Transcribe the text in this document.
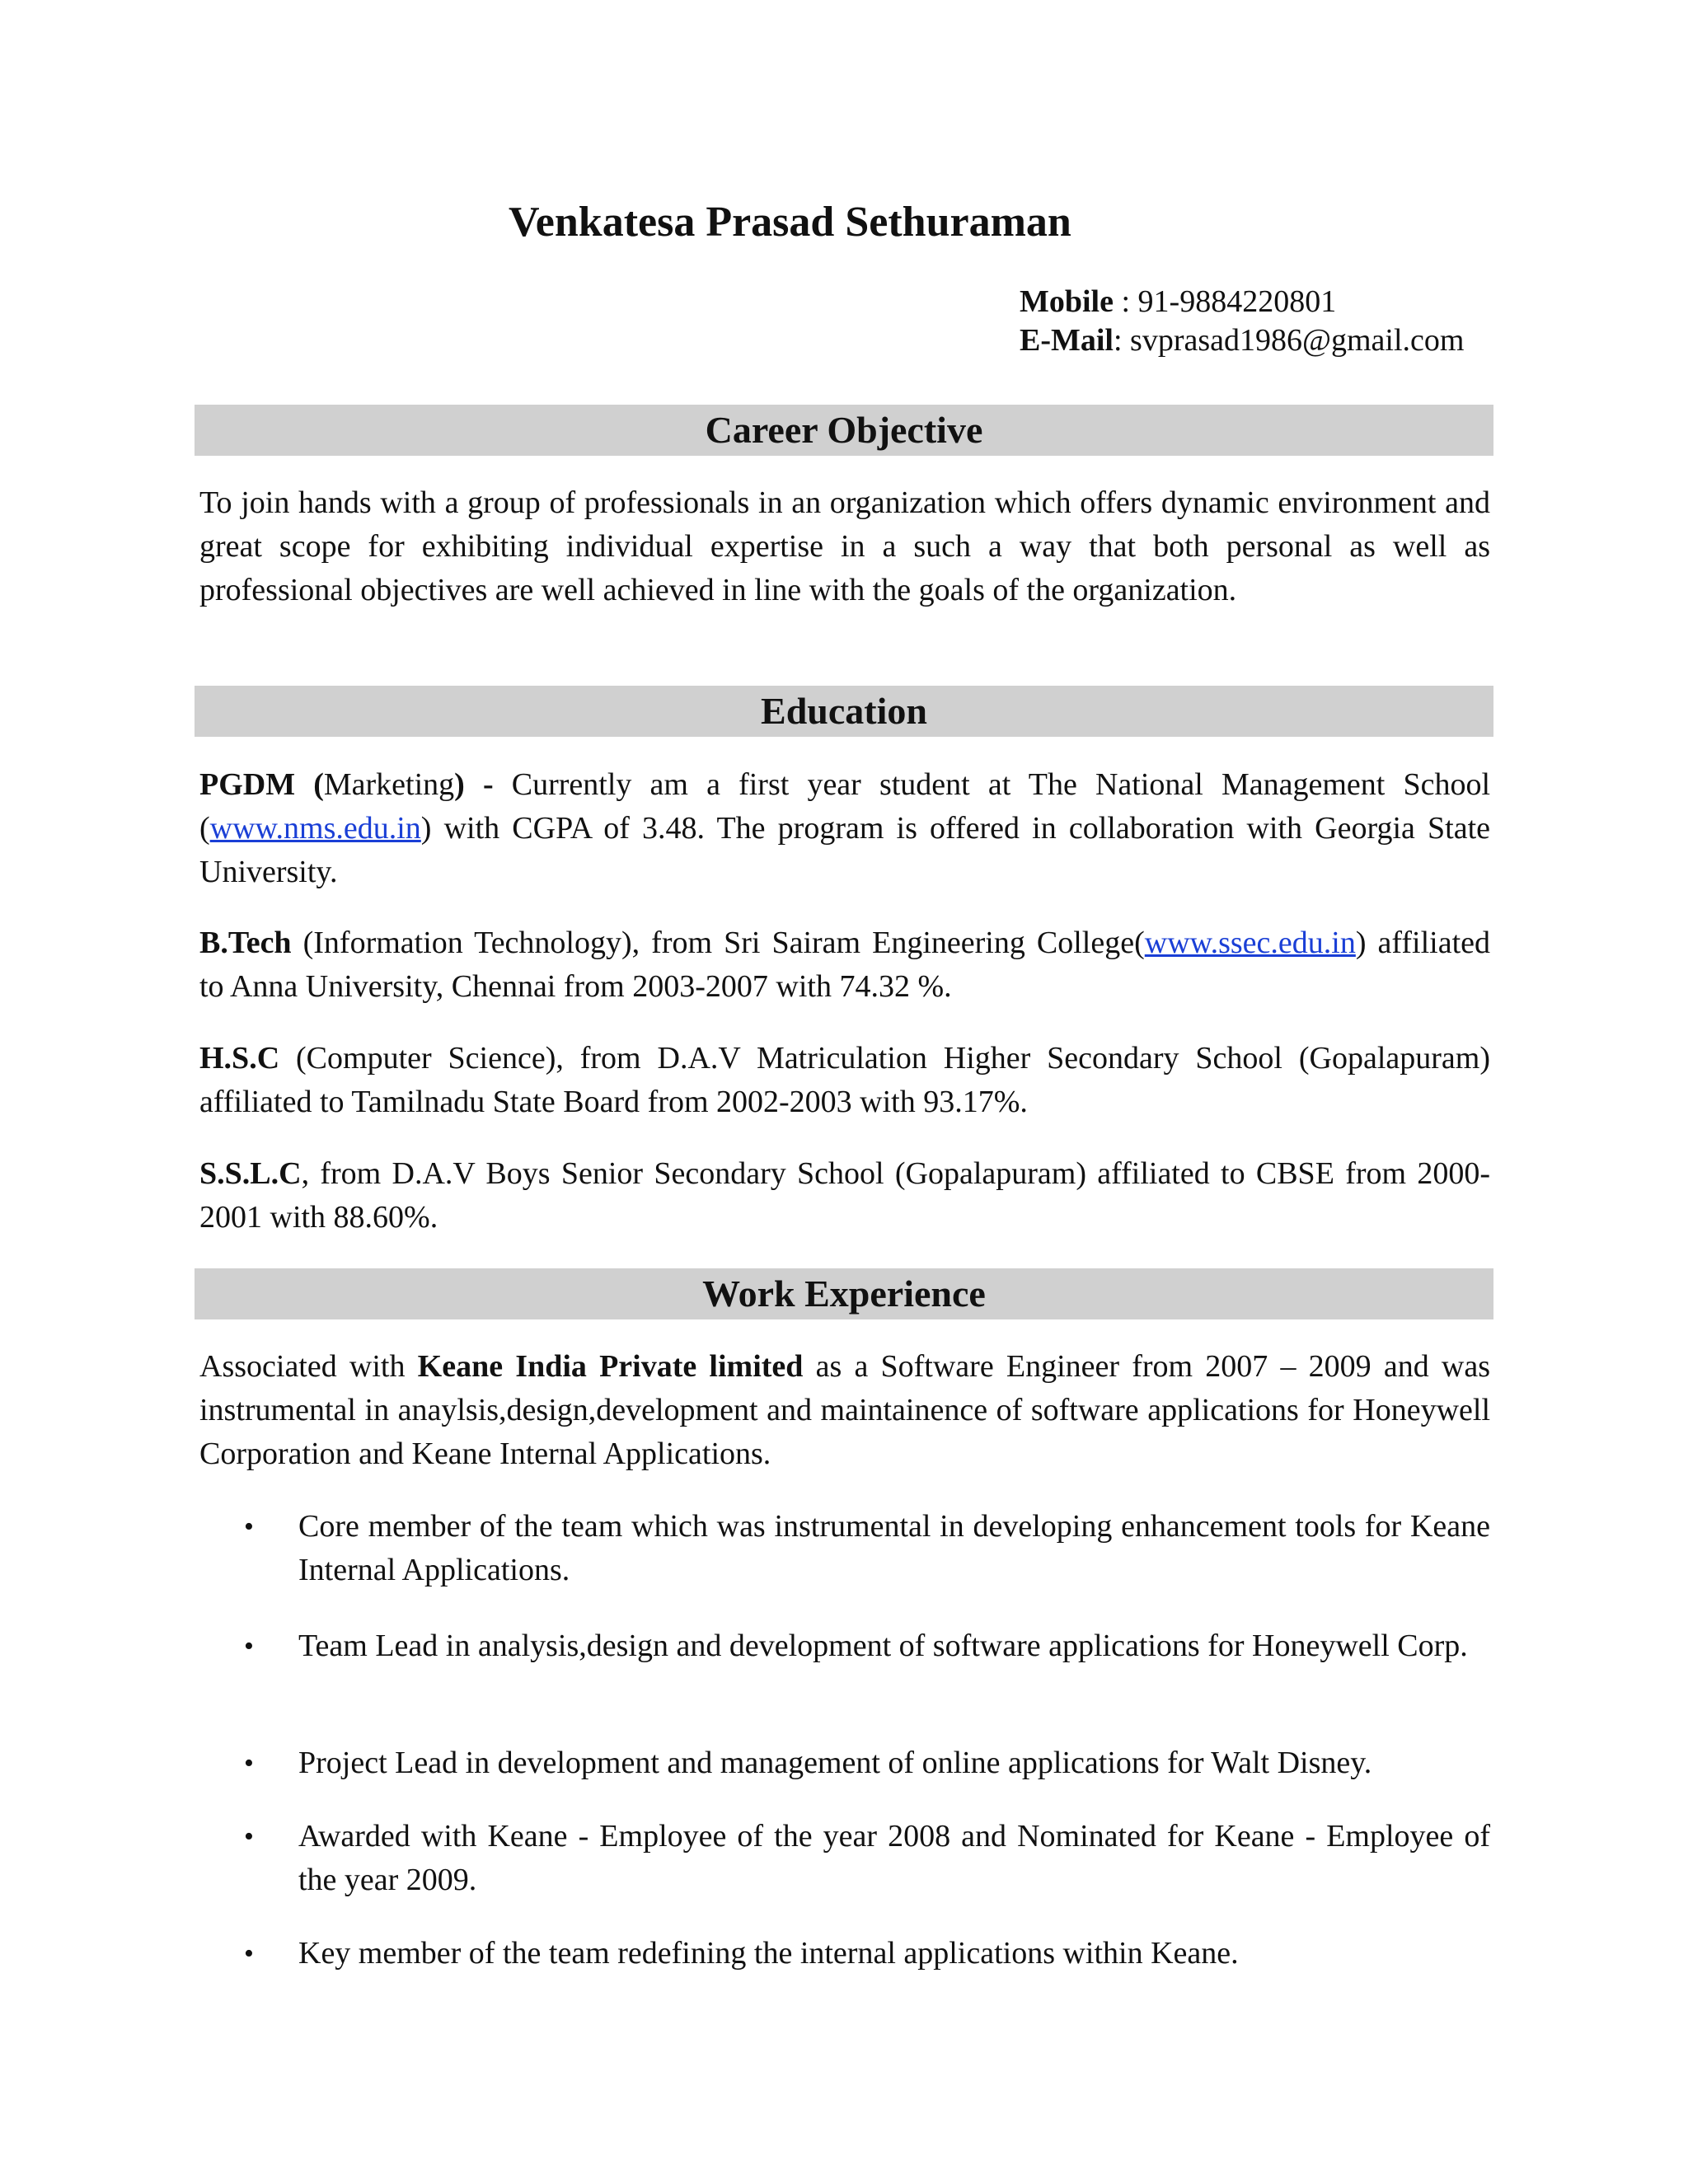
Venkatesa Prasad Sethuraman
Mobile : 91-9884220801
E-Mail: svprasad1986@gmail.com
Career Objective

To join hands with a group of professionals in an organization which offers dynamic environment and great scope for exhibiting individual expertise in a such a way that both personal as well as professional objectives are well achieved in line with the goals of the organization.

Education

PGDM (Marketing) - Currently am a first year student at The National Management School (www.nms.edu.in) with CGPA of 3.48. The program is offered in collaboration with Georgia State University.

B.Tech (Information Technology), from Sri Sairam Engineering College(www.ssec.edu.in) affiliated to Anna University, Chennai from 2003-2007 with 74.32 %.

H.S.C (Computer Science), from D.A.V Matriculation Higher Secondary School (Gopalapuram) affiliated to Tamilnadu State Board from 2002-2003 with 93.17%.

S.S.L.C, from D.A.V Boys Senior Secondary School (Gopalapuram) affiliated to CBSE from 2000-2001 with 88.60%.

Work Experience

Associated with Keane India Private limited as a Software Engineer from 2007 – 2009 and was instrumental in anaylsis,design,development and maintainence of software applications for Honeywell Corporation and Keane Internal Applications.

• Core member of the team which was instrumental in developing enhancement tools for Keane Internal Applications.

• Team Lead in analysis,design and development of software applications for Honeywell Corp.

• Project Lead in development and management of online applications for Walt Disney.

• Awarded with Keane - Employee of the year 2008 and Nominated for Keane - Employee of the year 2009.

• Key member of the team redefining the internal applications within Keane.
